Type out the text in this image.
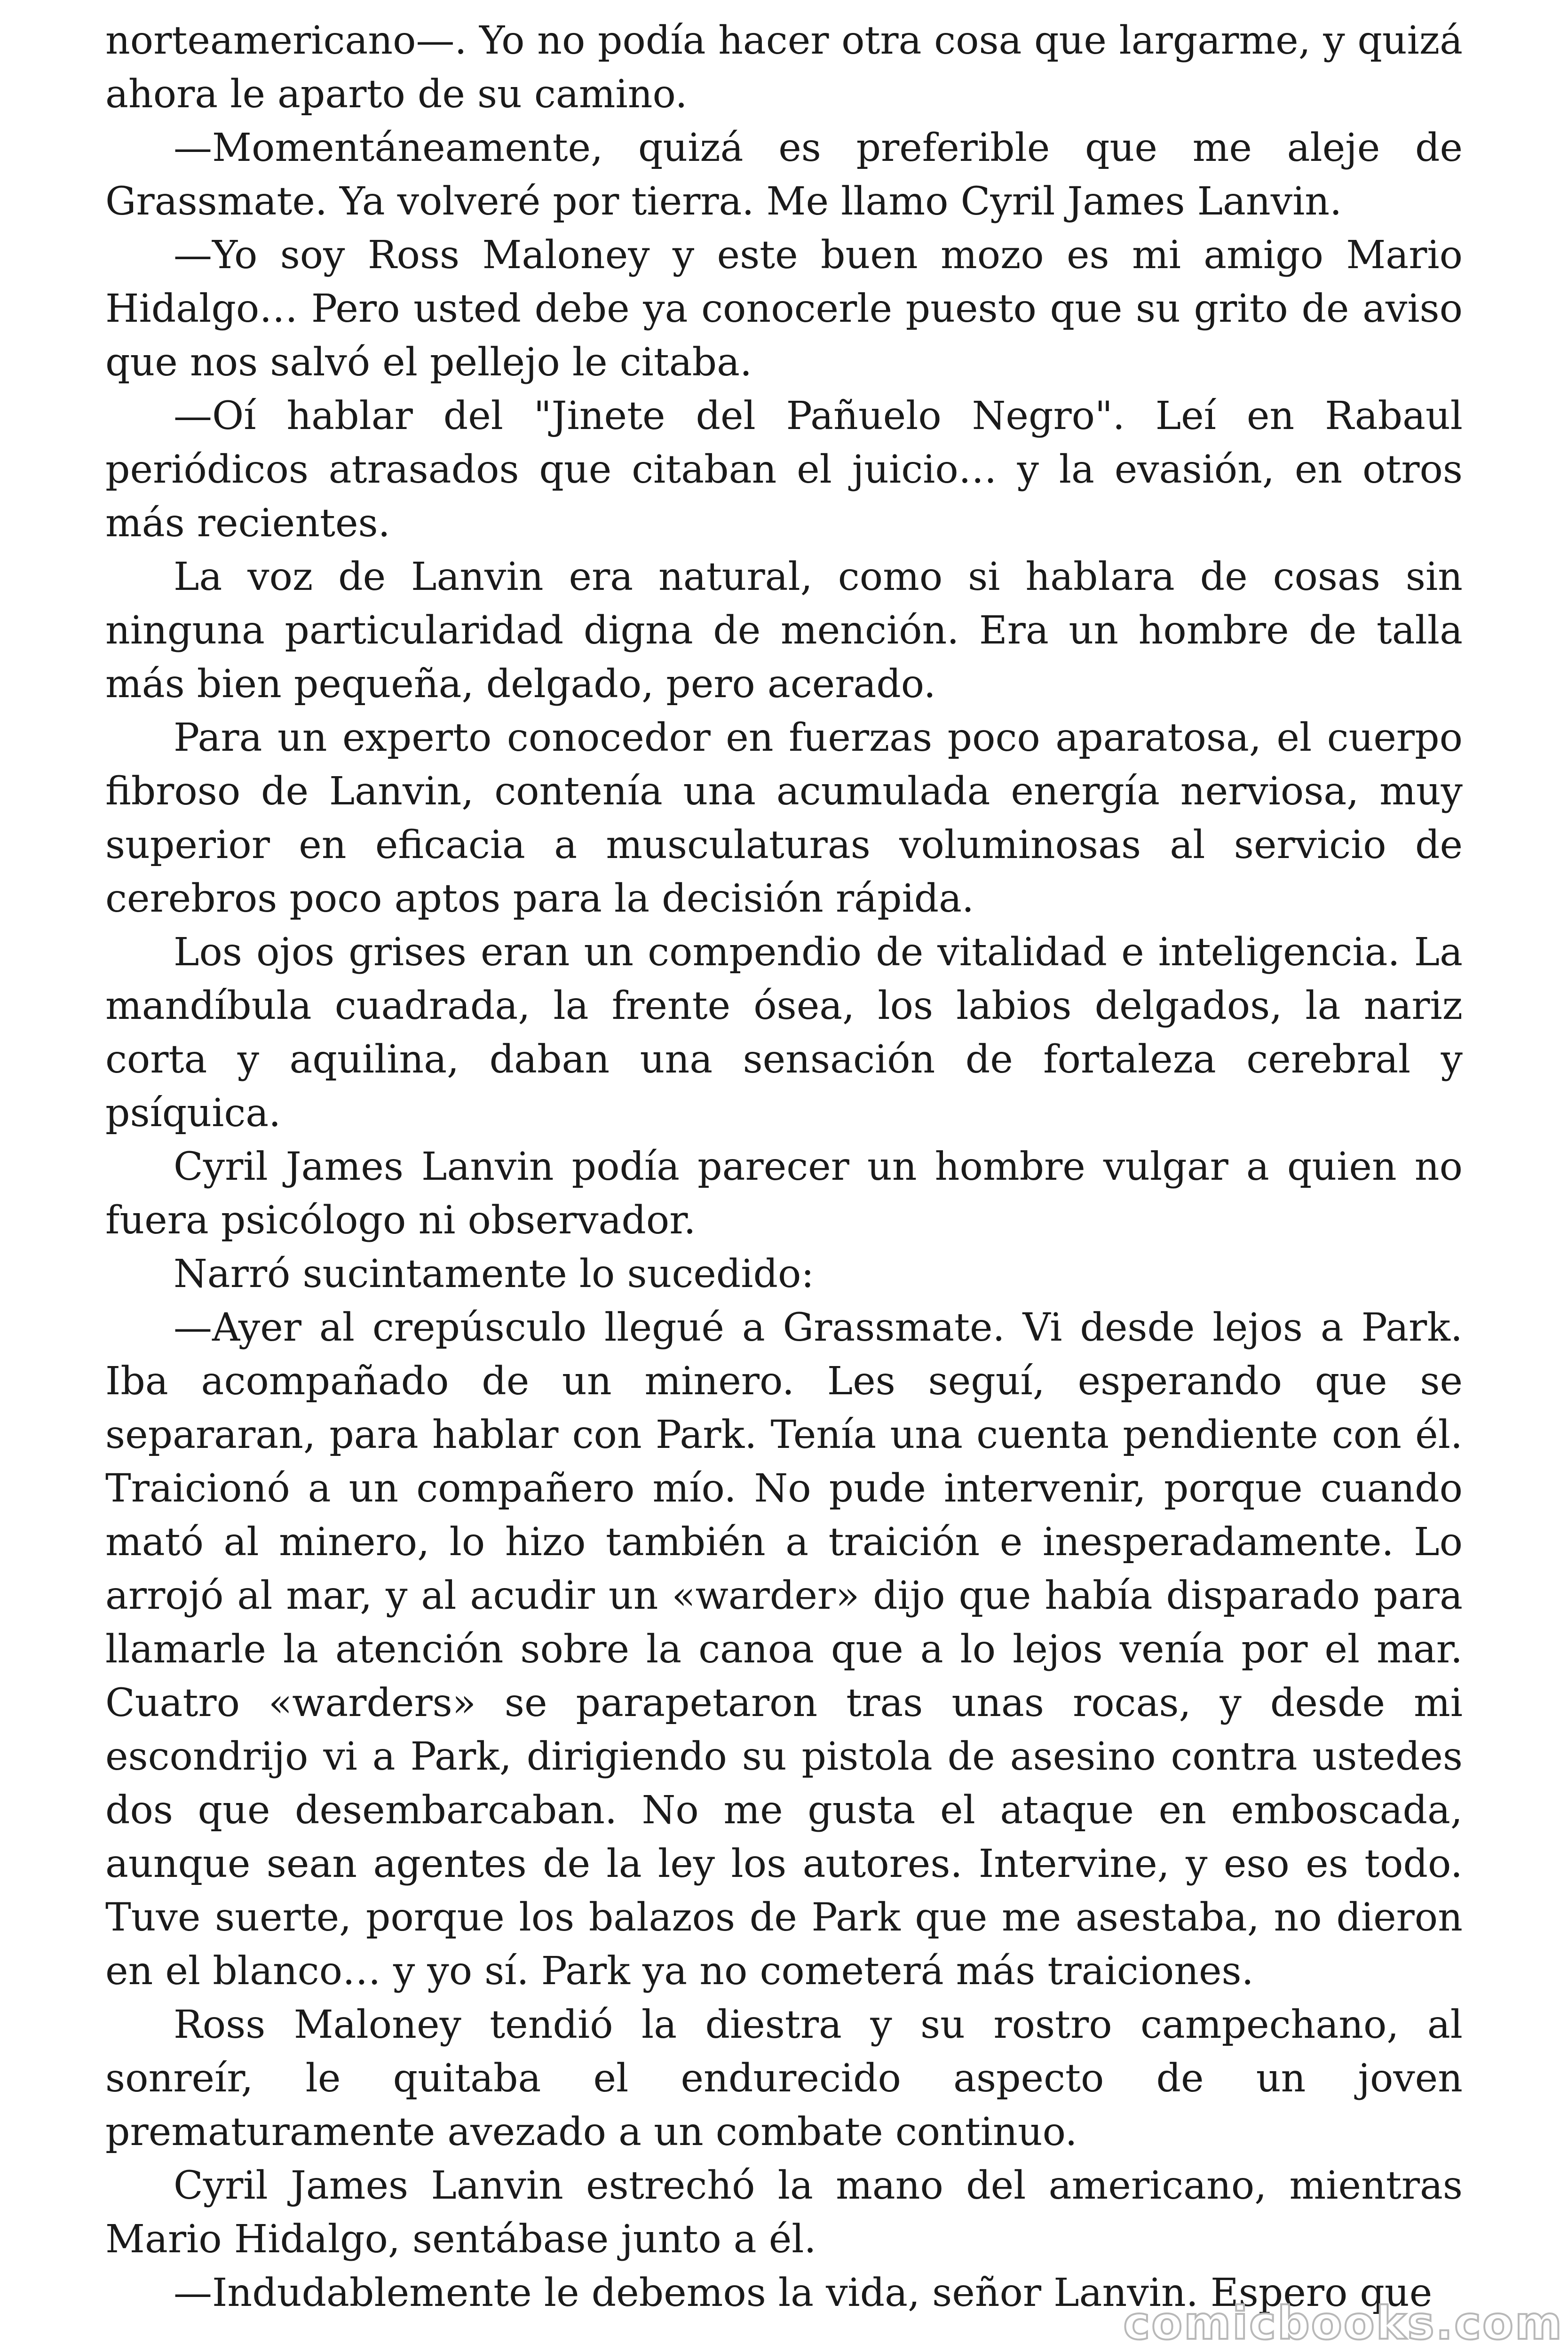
norteamericano—. Yo no podía hacer otra cosa que largarme, y quizá ahora le aparto de su camino.

—Momentáneamente, quizá es preferible que me aleje de Grassmate. Ya volveré por tierra. Me llamo Cyril James Lanvin.

—Yo soy Ross Maloney y este buen mozo es mi amigo Mario Hidalgo… Pero usted debe ya conocerle puesto que su grito de aviso que nos salvó el pellejo le citaba.

—Oí hablar del "Jinete del Pañuelo Negro". Leí en Rabaul periódicos atrasados que citaban el juicio… y la evasión, en otros más recientes.

La voz de Lanvin era natural, como si hablara de cosas sin ninguna particularidad digna de mención. Era un hombre de talla más bien pequeña, delgado, pero acerado.

Para un experto conocedor en fuerzas poco aparatosa, el cuerpo fibroso de Lanvin, contenía una acumulada energía nerviosa, muy superior en eficacia a musculaturas voluminosas al servicio de cerebros poco aptos para la decisión rápida.

Los ojos grises eran un compendio de vitalidad e inteligencia. La mandíbula cuadrada, la frente ósea, los labios delgados, la nariz corta y aquilina, daban una sensación de fortaleza cerebral y psíquica.

Cyril James Lanvin podía parecer un hombre vulgar a quien no fuera psicólogo ni observador.

Narró sucintamente lo sucedido:

—Ayer al crepúsculo llegué a Grassmate. Vi desde lejos a Park. Iba acompañado de un minero. Les seguí, esperando que se separaran, para hablar con Park. Tenía una cuenta pendiente con él. Traicionó a un compañero mío. No pude intervenir, porque cuando mató al minero, lo hizo también a traición e inesperadamente. Lo arrojó al mar, y al acudir un «warder» dijo que había disparado para llamarle la atención sobre la canoa que a lo lejos venía por el mar. Cuatro «warders» se parapetaron tras unas rocas, y desde mi escondrijo vi a Park, dirigiendo su pistola de asesino contra ustedes dos que desembarcaban. No me gusta el ataque en emboscada, aunque sean agentes de la ley los autores. Intervine, y eso es todo. Tuve suerte, porque los balazos de Park que me asestaba, no dieron en el blanco… y yo sí. Park ya no cometerá más traiciones.

Ross Maloney tendió la diestra y su rostro campechano, al sonreír, le quitaba el endurecido aspecto de un joven prematuramente avezado a un combate continuo.

Cyril James Lanvin estrechó la mano del americano, mientras Mario Hidalgo, sentábase junto a él.

—Indudablemente le debemos la vida, señor Lanvin. Espero que

comicbooks.com
